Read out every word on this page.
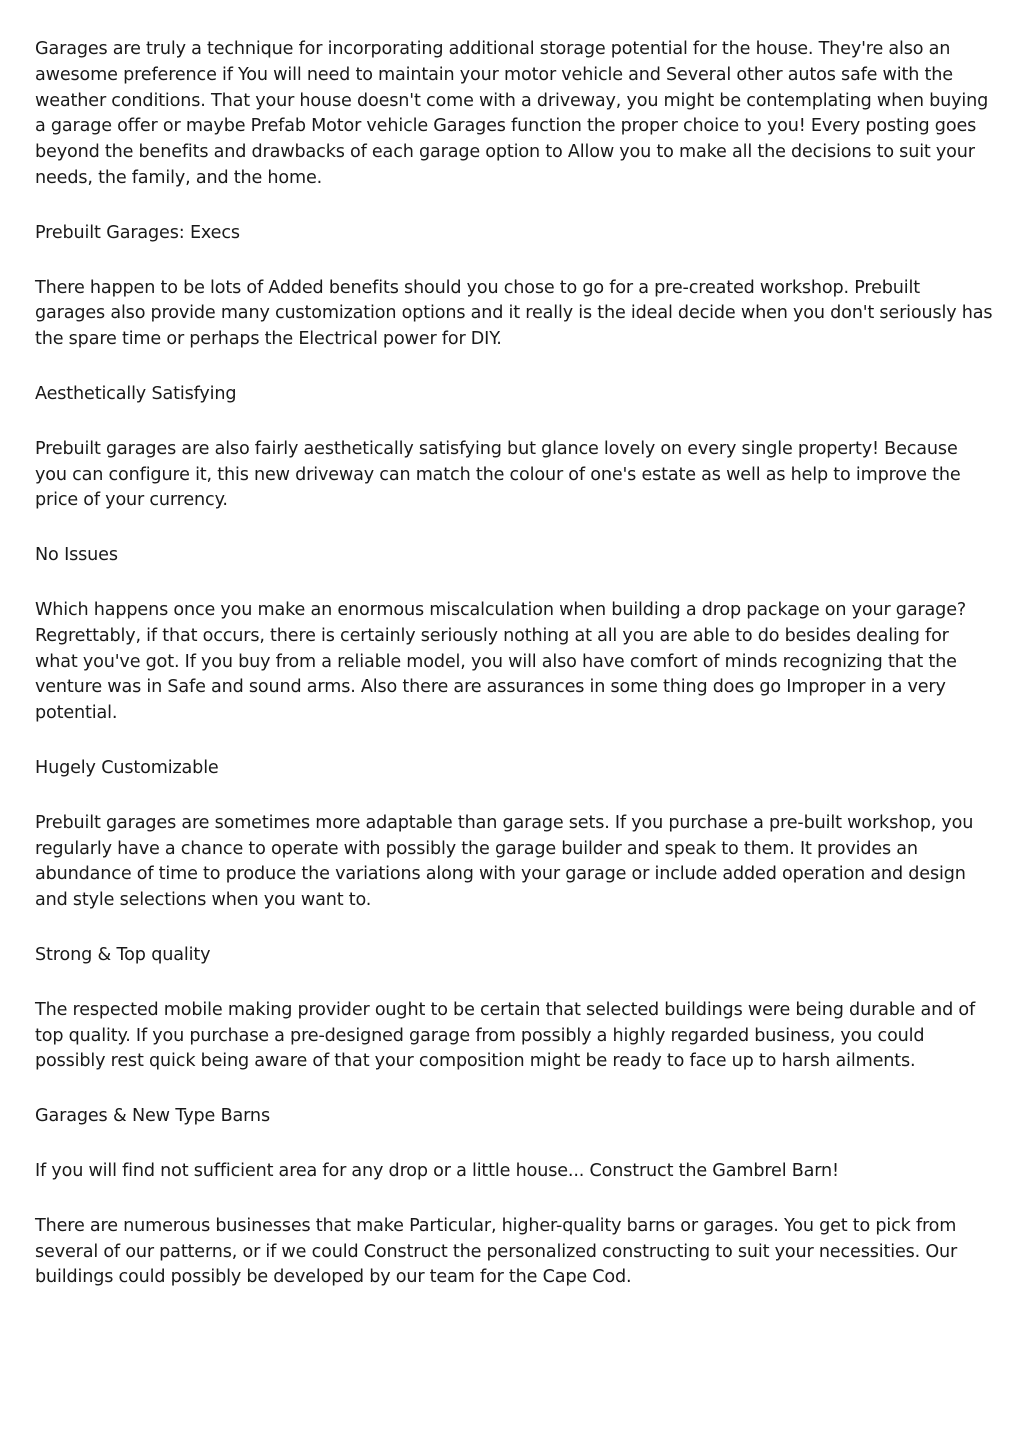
Garages are truly a technique for incorporating additional storage potential for the house. They're also an awesome preference if You will need to maintain your motor vehicle and Several other autos safe with the weather conditions. That your house doesn't come with a driveway, you might be contemplating when buying a garage offer or maybe Prefab Motor vehicle Garages function the proper choice to you! Every posting goes beyond the benefits and drawbacks of each garage option to Allow you to make all the decisions to suit your needs, the family, and the home.

Prebuilt Garages: Execs

There happen to be lots of Added benefits should you chose to go for a pre-created workshop. Prebuilt garages also provide many customization options and it really is the ideal decide when you don't seriously has the spare time or perhaps the Electrical power for DIY.

Aesthetically Satisfying

Prebuilt garages are also fairly aesthetically satisfying but glance lovely on every single property! Because you can configure it, this new driveway can match the colour of one's estate as well as help to improve the price of your currency.

No Issues

Which happens once you make an enormous miscalculation when building a drop package on your garage? Regrettably, if that occurs, there is certainly seriously nothing at all you are able to do besides dealing for what you've got. If you buy from a reliable model, you will also have comfort of minds recognizing that the venture was in Safe and sound arms. Also there are assurances in some thing does go Improper in a very potential.

Hugely Customizable

Prebuilt garages are sometimes more adaptable than garage sets. If you purchase a pre-built workshop, you regularly have a chance to operate with possibly the garage builder and speak to them. It provides an abundance of time to produce the variations along with your garage or include added operation and design and style selections when you want to.

Strong & Top quality

The respected mobile making provider ought to be certain that selected buildings were being durable and of top quality. If you purchase a pre-designed garage from possibly a highly regarded business, you could possibly rest quick being aware of that your composition might be ready to face up to harsh ailments.

Garages & New Type Barns

If you will find not sufficient area for any drop or a little house... Construct the Gambrel Barn!

There are numerous businesses that make Particular, higher-quality barns or garages. You get to pick from several of our patterns, or if we could Construct the personalized constructing to suit your necessities. Our buildings could possibly be developed by our team for the Cape Cod.
